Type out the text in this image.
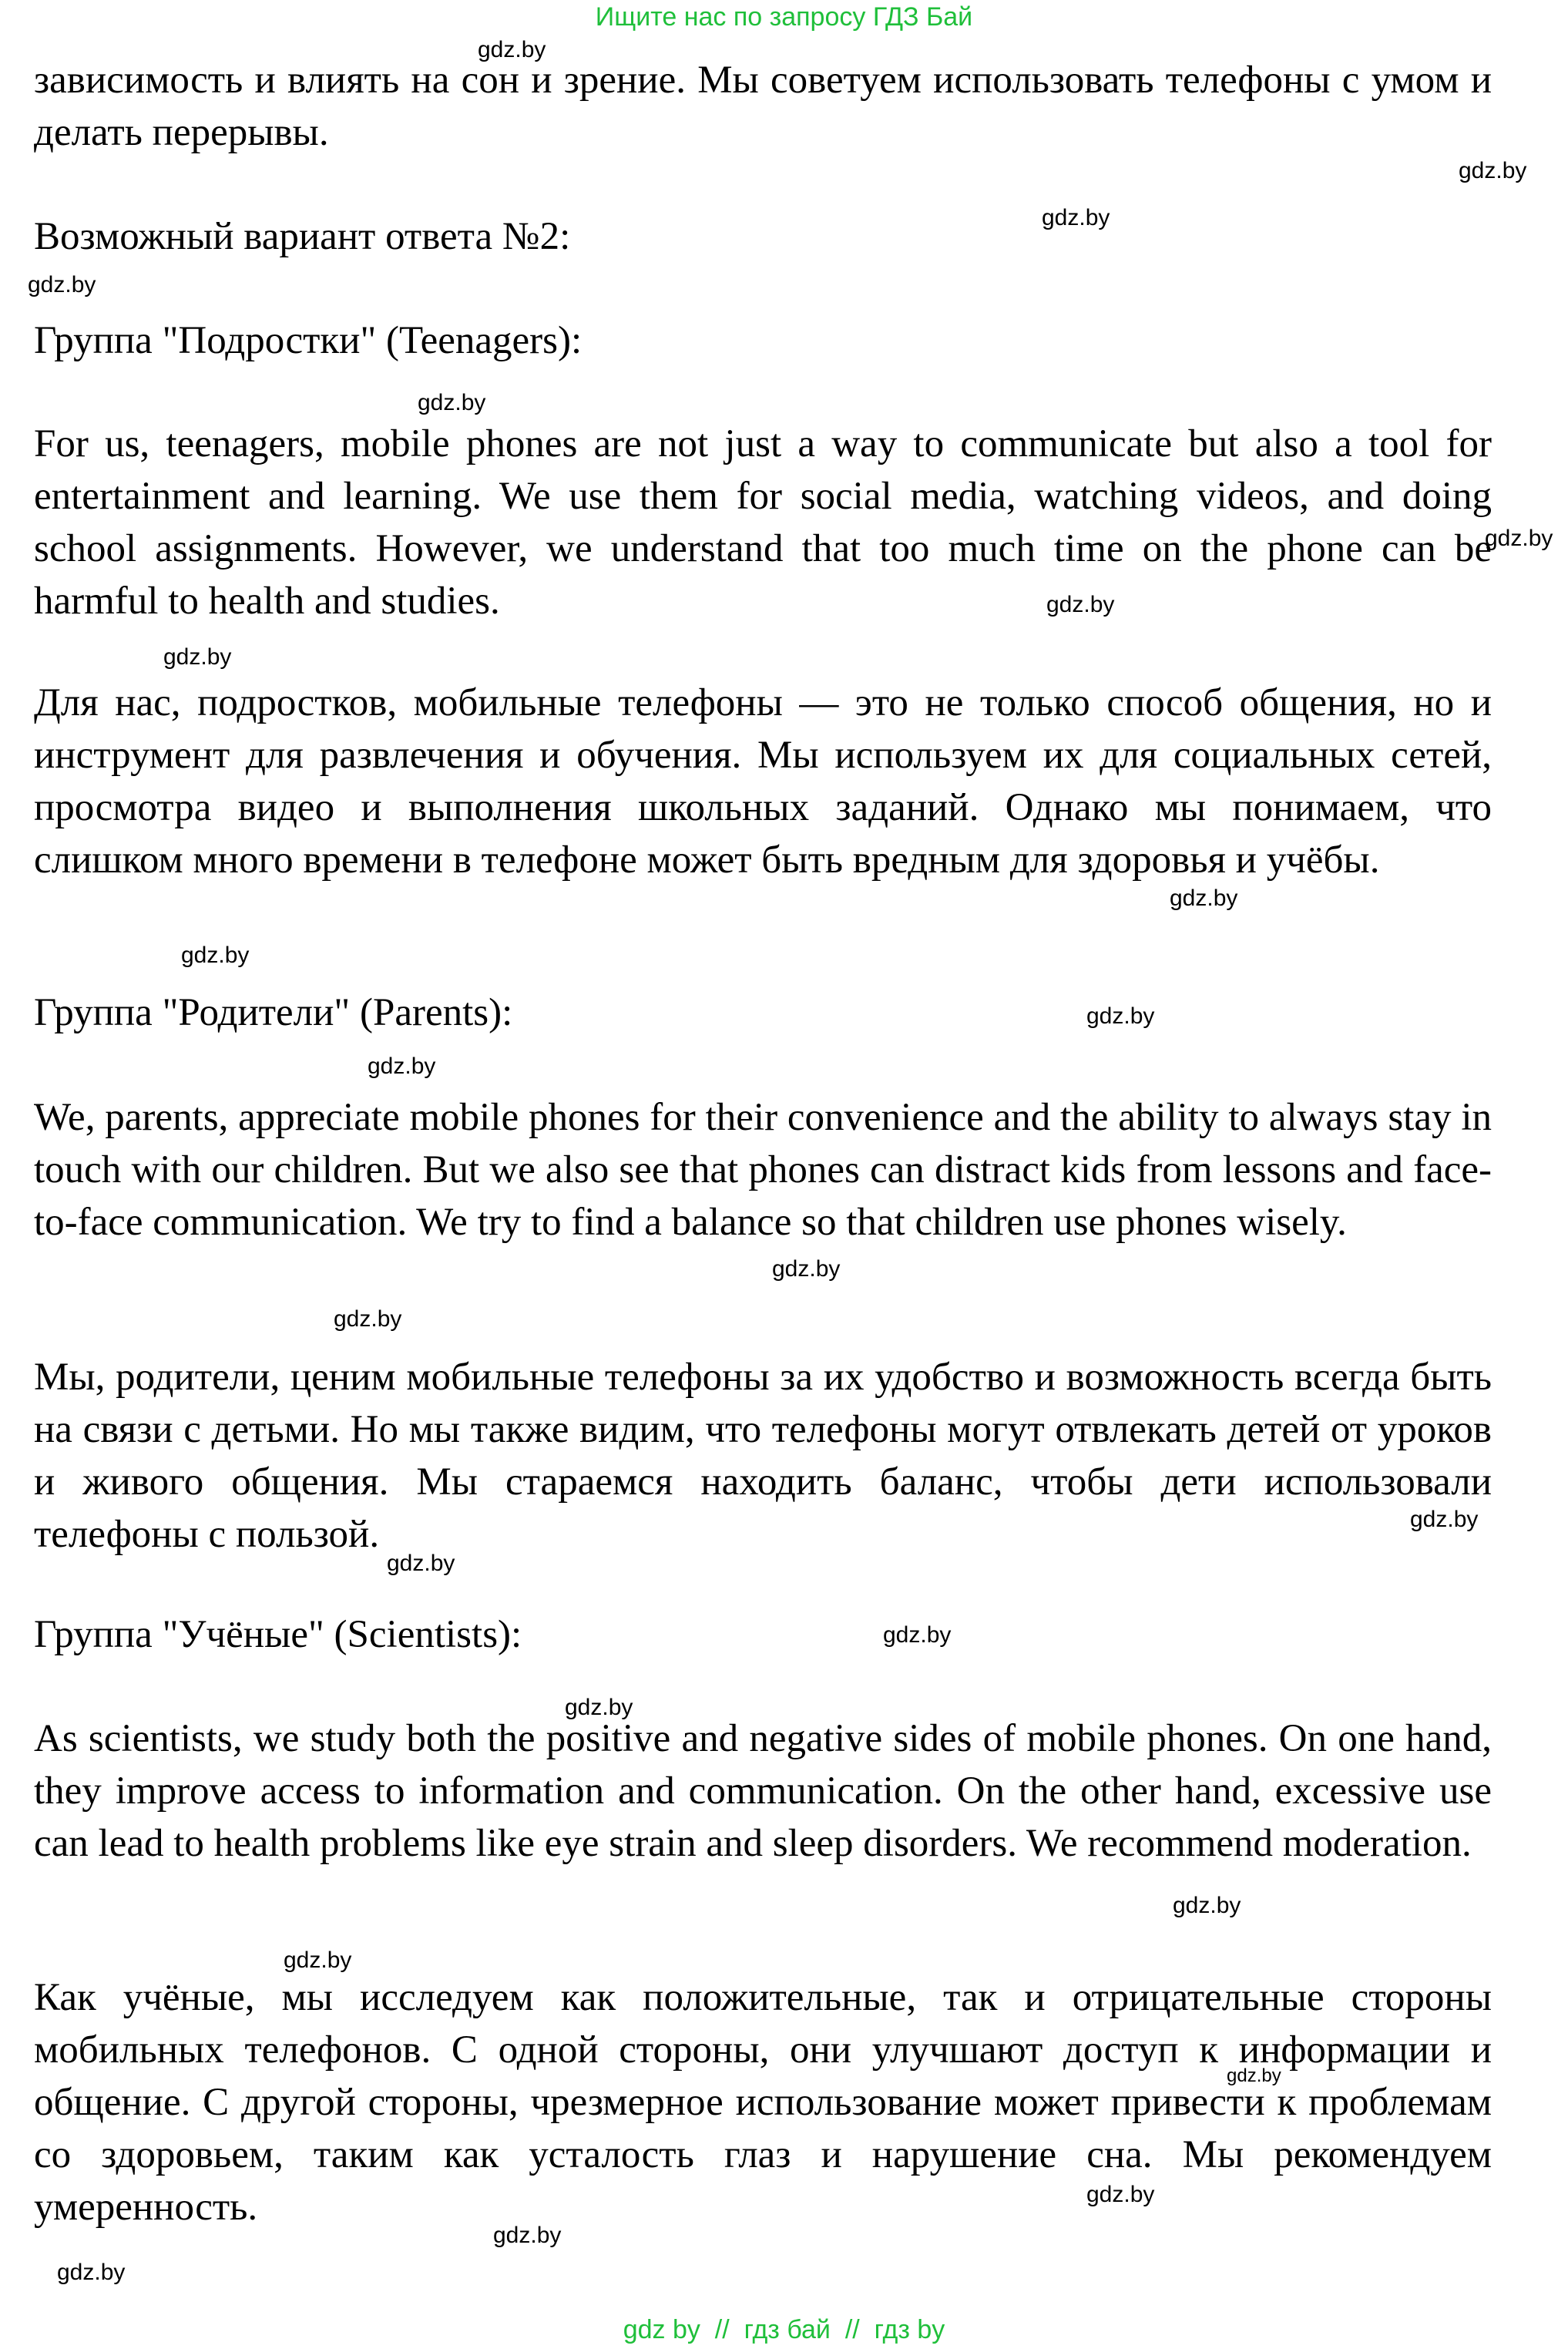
Ищите нас по запросу ГДЗ Бай

зависимость и влиять на сон и зрение. Мы советуем использовать телефоны с умом и делать перерывы.

Возможный вариант ответа №2:

Группа "Подростки" (Teenagers):

For us, teenagers, mobile phones are not just a way to communicate but also a tool for entertainment and learning. We use them for social media, watching videos, and doing school assignments. However, we understand that too much time on the phone can be harmful to health and studies.

Для нас, подростков, мобильные телефоны — это не только способ общения, но и инструмент для развлечения и обучения. Мы используем их для социальных сетей, просмотра видео и выполнения школьных заданий. Однако мы понимаем, что слишком много времени в телефоне может быть вредным для здоровья и учёбы.

Группа "Родители" (Parents):

We, parents, appreciate mobile phones for their convenience and the ability to always stay in touch with our children. But we also see that phones can distract kids from lessons and face-to-face communication. We try to find a balance so that children use phones wisely.

Мы, родители, ценим мобильные телефоны за их удобство и возможность всегда быть на связи с детьми. Но мы также видим, что телефоны могут отвлекать детей от уроков и живого общения. Мы стараемся находить баланс, чтобы дети использовали телефоны с пользой.

Группа "Учёные" (Scientists):

As scientists, we study both the positive and negative sides of mobile phones. On one hand, they improve access to information and communication. On the other hand, excessive use can lead to health problems like eye strain and sleep disorders. We recommend moderation.

Как учёные, мы исследуем как положительные, так и отрицательные стороны мобильных телефонов. С одной стороны, они улучшают доступ к информации и общение. С другой стороны, чрезмерное использование может привести к проблемам со здоровьем, таким как усталость глаз и нарушение сна. Мы рекомендуем умеренность.

gdz.by
gdz.by
gdz.by
gdz.by
gdz.by
gdz.by
gdz.by
gdz.by
gdz.by
gdz.by
gdz.by
gdz.by
gdz.by
gdz.by
gdz.by
gdz.by
gdz.by
gdz.by
gdz.by
gdz.by
gdz.by
gdz.by
gdz.by
gdz.by
gdz by  //  гдз бай  //  гдз by
